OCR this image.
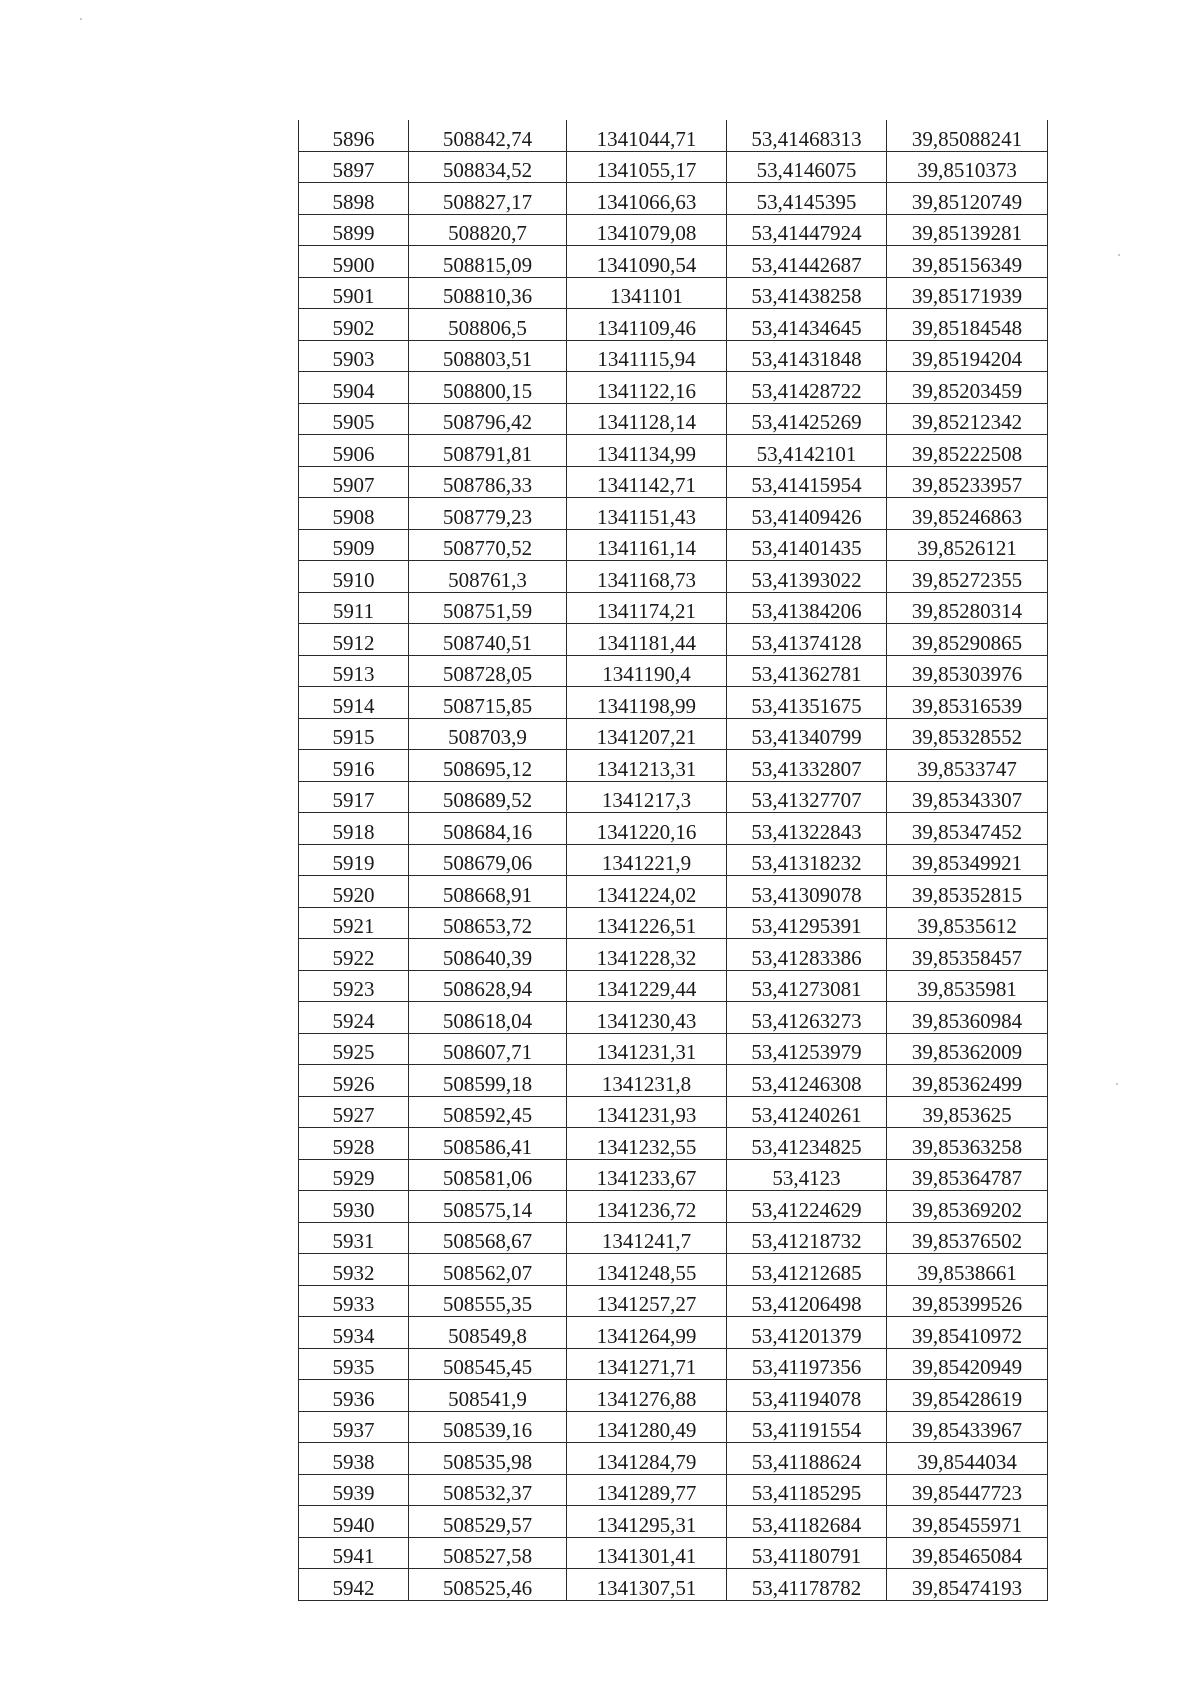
5896	508842,74	1341044,71	53,41468313	39,85088241
5897	508834,52	1341055,17	53,4146075	39,8510373
5898	508827,17	1341066,63	53,4145395	39,85120749
5899	508820,7	1341079,08	53,41447924	39,85139281
5900	508815,09	1341090,54	53,41442687	39,85156349
5901	508810,36	1341101	53,41438258	39,85171939
5902	508806,5	1341109,46	53,41434645	39,85184548
5903	508803,51	1341115,94	53,41431848	39,85194204
5904	508800,15	1341122,16	53,41428722	39,85203459
5905	508796,42	1341128,14	53,41425269	39,85212342
5906	508791,81	1341134,99	53,4142101	39,85222508
5907	508786,33	1341142,71	53,41415954	39,85233957
5908	508779,23	1341151,43	53,41409426	39,85246863
5909	508770,52	1341161,14	53,41401435	39,8526121
5910	508761,3	1341168,73	53,41393022	39,85272355
5911	508751,59	1341174,21	53,41384206	39,85280314
5912	508740,51	1341181,44	53,41374128	39,85290865
5913	508728,05	1341190,4	53,41362781	39,85303976
5914	508715,85	1341198,99	53,41351675	39,85316539
5915	508703,9	1341207,21	53,41340799	39,85328552
5916	508695,12	1341213,31	53,41332807	39,8533747
5917	508689,52	1341217,3	53,41327707	39,85343307
5918	508684,16	1341220,16	53,41322843	39,85347452
5919	508679,06	1341221,9	53,41318232	39,85349921
5920	508668,91	1341224,02	53,41309078	39,85352815
5921	508653,72	1341226,51	53,41295391	39,8535612
5922	508640,39	1341228,32	53,41283386	39,85358457
5923	508628,94	1341229,44	53,41273081	39,8535981
5924	508618,04	1341230,43	53,41263273	39,85360984
5925	508607,71	1341231,31	53,41253979	39,85362009
5926	508599,18	1341231,8	53,41246308	39,85362499
5927	508592,45	1341231,93	53,41240261	39,853625
5928	508586,41	1341232,55	53,41234825	39,85363258
5929	508581,06	1341233,67	53,4123	39,85364787
5930	508575,14	1341236,72	53,41224629	39,85369202
5931	508568,67	1341241,7	53,41218732	39,85376502
5932	508562,07	1341248,55	53,41212685	39,8538661
5933	508555,35	1341257,27	53,41206498	39,85399526
5934	508549,8	1341264,99	53,41201379	39,85410972
5935	508545,45	1341271,71	53,41197356	39,85420949
5936	508541,9	1341276,88	53,41194078	39,85428619
5937	508539,16	1341280,49	53,41191554	39,85433967
5938	508535,98	1341284,79	53,41188624	39,8544034
5939	508532,37	1341289,77	53,41185295	39,85447723
5940	508529,57	1341295,31	53,41182684	39,85455971
5941	508527,58	1341301,41	53,41180791	39,85465084
5942	508525,46	1341307,51	53,41178782	39,85474193
